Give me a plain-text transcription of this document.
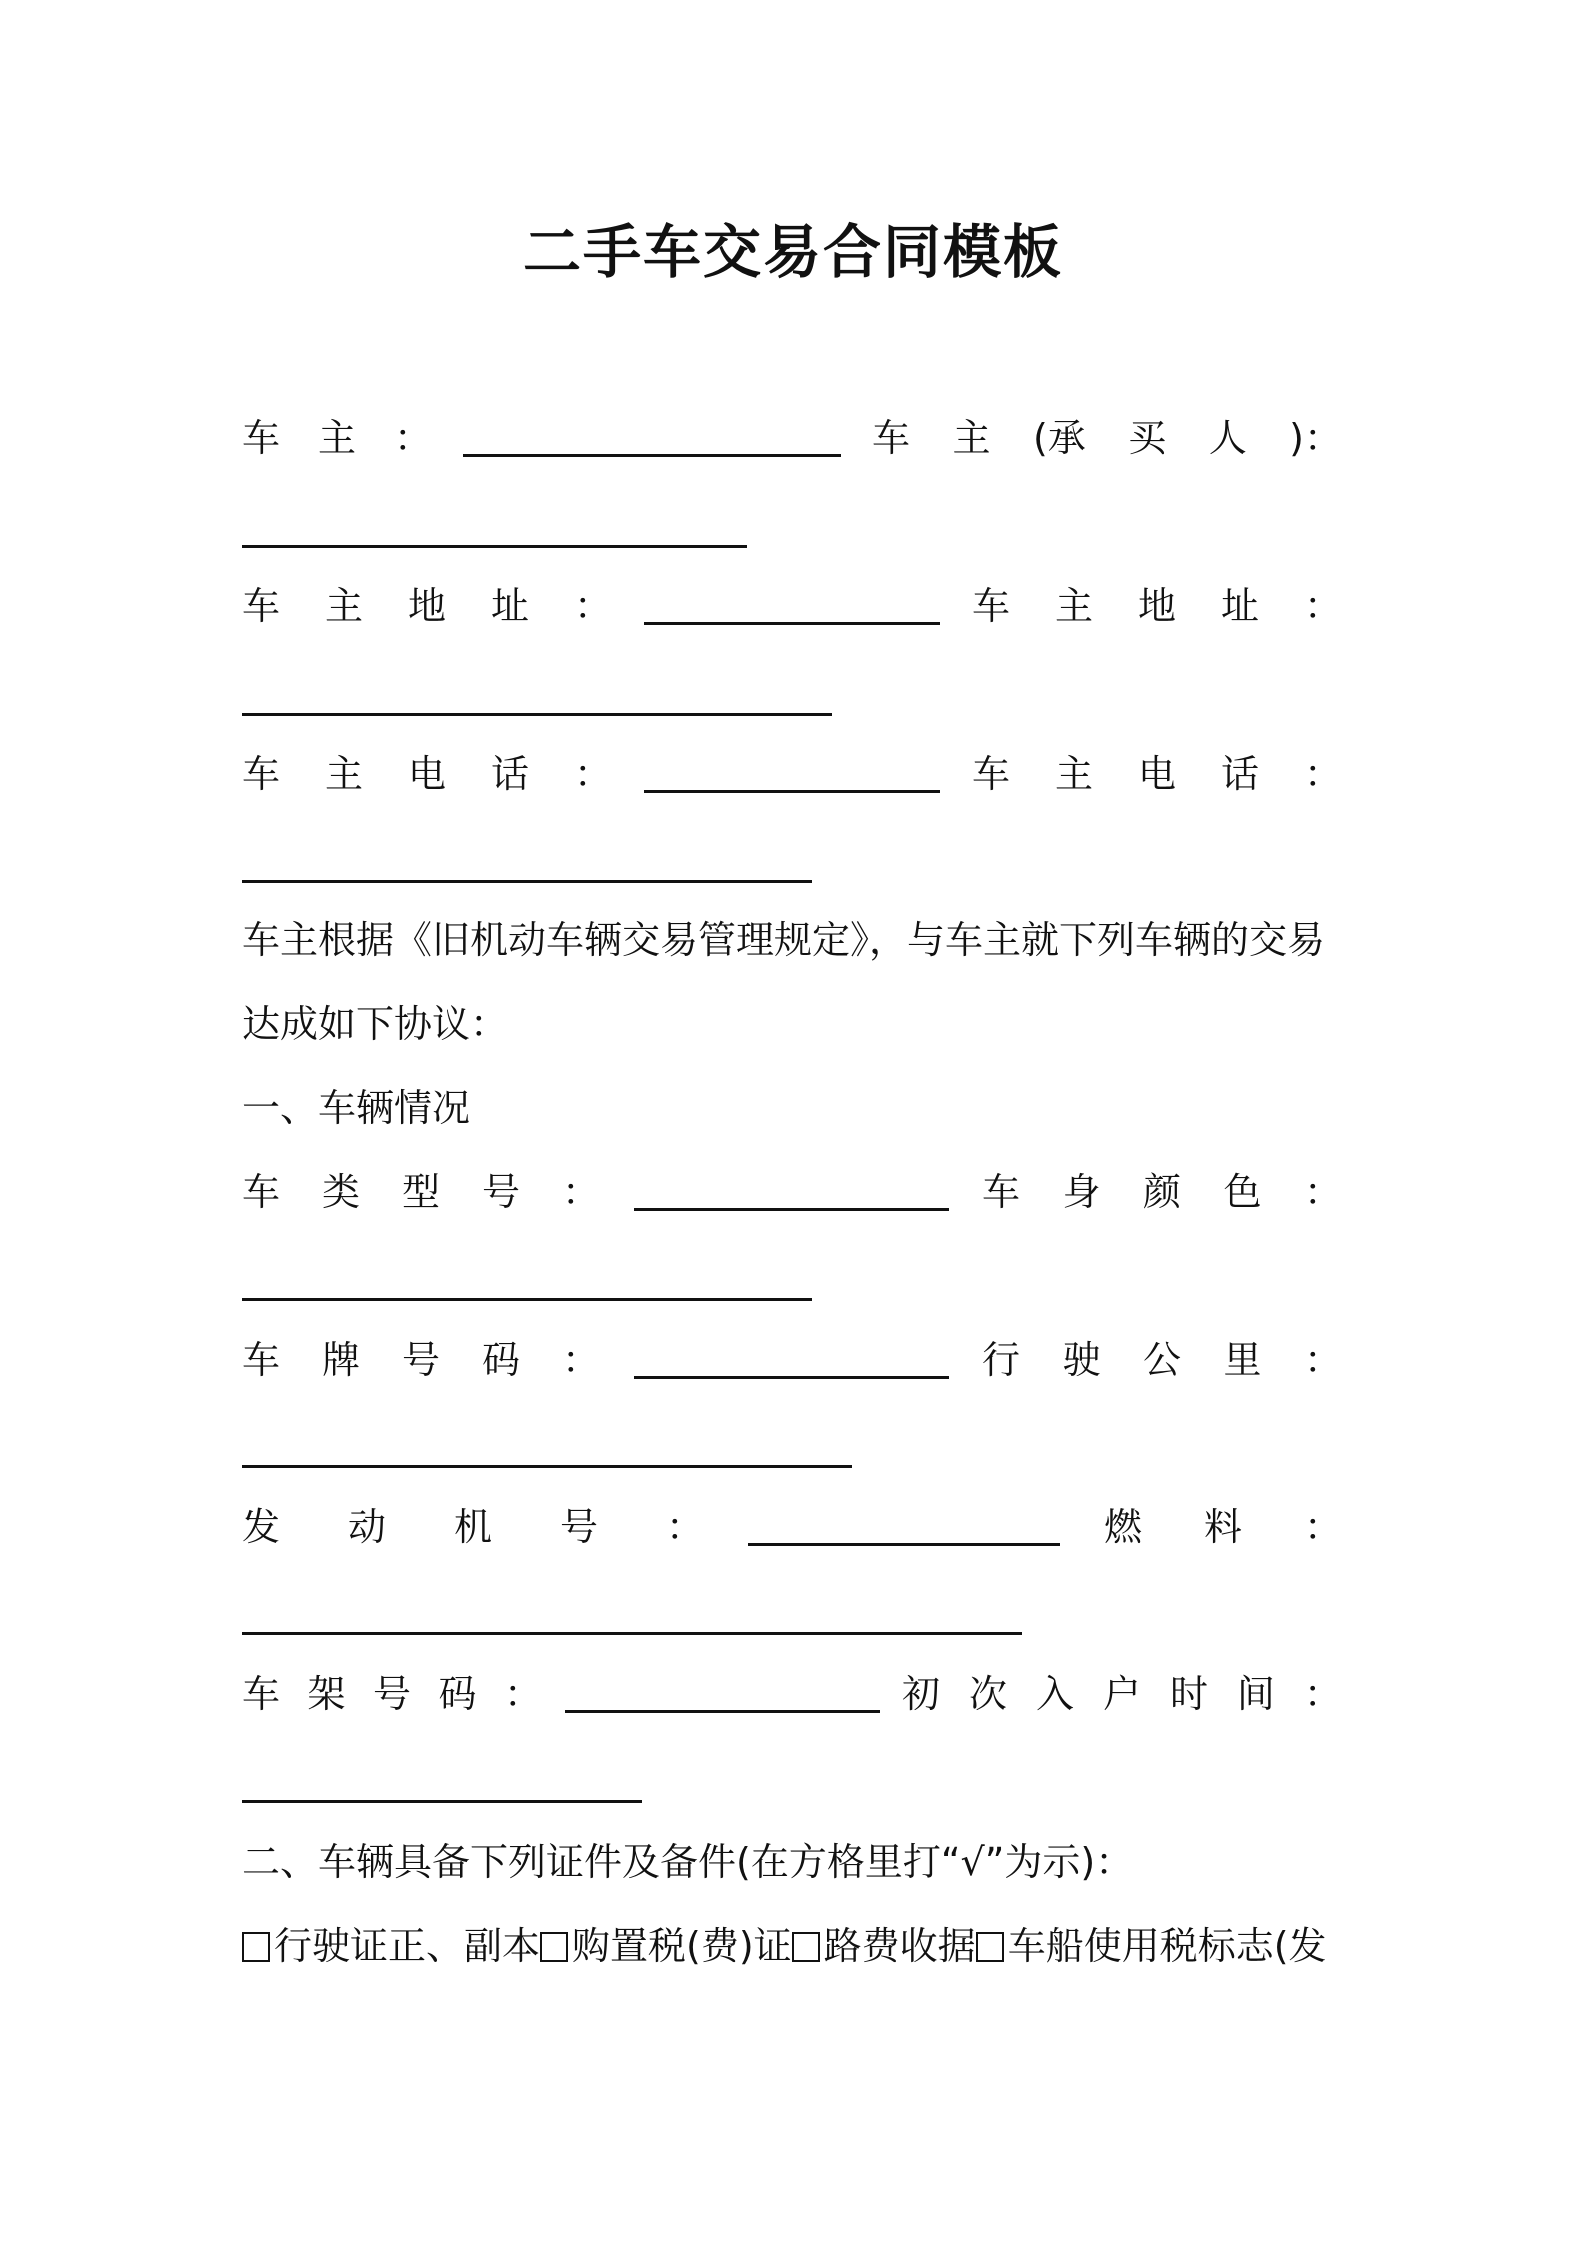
二手车交易合同模板
车 主 ：	车 主 (承 买 人 )：
车 主 地 址 ：	车 主 地 址 ：
车 主 电 话 ：	车 主 电 话 ：
车主根据《旧机动车辆交易管理规定》，与车主就下列车辆的交易达成如下协议：
一、车辆情况
车 类 型 号 ：	车 身 颜 色 ：
车 牌 号 码 ：	行 驶 公 里 ：
发 动 机 号 ：	燃 料 ：
车 架 号 码 ：	初 次 入 户 时 间 ：
二、车辆具备下列证件及备件(在方格里打“√”为示)：
行驶证正、副本 购置税(费)证 路费收据 车船使用税标志(发
